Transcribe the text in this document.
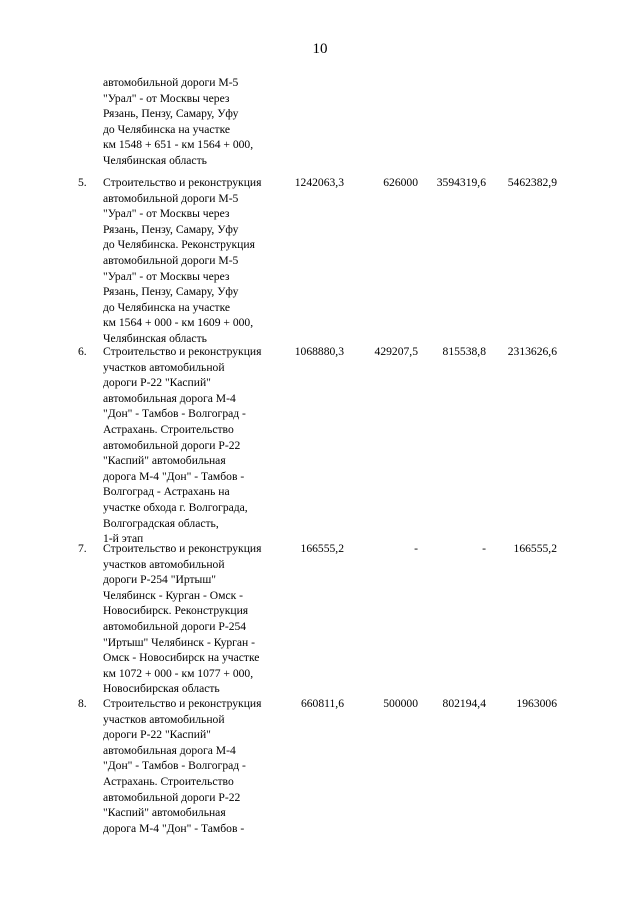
10
автомобильной дороги М-5
"Урал" - от Москвы через
Рязань, Пензу, Самару, Уфу
до Челябинска на участке
км 1548 + 651 - км 1564 + 000,
Челябинская область
5. Строительство и реконструкция
автомобильной дороги М-5
"Урал" - от Москвы через
Рязань, Пензу, Самару, Уфу
до Челябинска. Реконструкция
автомобильной дороги М-5
"Урал" - от Москвы через
Рязань, Пензу, Самару, Уфу
до Челябинска на участке
км 1564 + 000 - км 1609 + 000,
Челябинская область
1242063,3	626000	3594319,6	5462382,9
6. Строительство и реконструкция
участков автомобильной
дороги Р-22 "Каспий"
автомобильная дорога М-4
"Дон" - Тамбов - Волгоград -
Астрахань. Строительство
автомобильной дороги Р-22
"Каспий" автомобильная
дорога М-4 "Дон" - Тамбов -
Волгоград - Астрахань на
участке обхода г. Волгограда,
Волгоградская область,
1-й этап
1068880,3	429207,5	815538,8	2313626,6
7. Строительство и реконструкция
участков автомобильной
дороги Р-254 "Иртыш"
Челябинск - Курган - Омск -
Новосибирск. Реконструкция
автомобильной дороги Р-254
"Иртыш" Челябинск - Курган -
Омск - Новосибирск на участке
км 1072 + 000 - км 1077 + 000,
Новосибирская область
166555,2	-	-	166555,2
8. Строительство и реконструкция
участков автомобильной
дороги Р-22 "Каспий"
автомобильная дорога М-4
"Дон" - Тамбов - Волгоград -
Астрахань. Строительство
автомобильной дороги Р-22
"Каспий" автомобильная
дорога М-4 "Дон" - Тамбов -
660811,6	500000	802194,4	1963006
